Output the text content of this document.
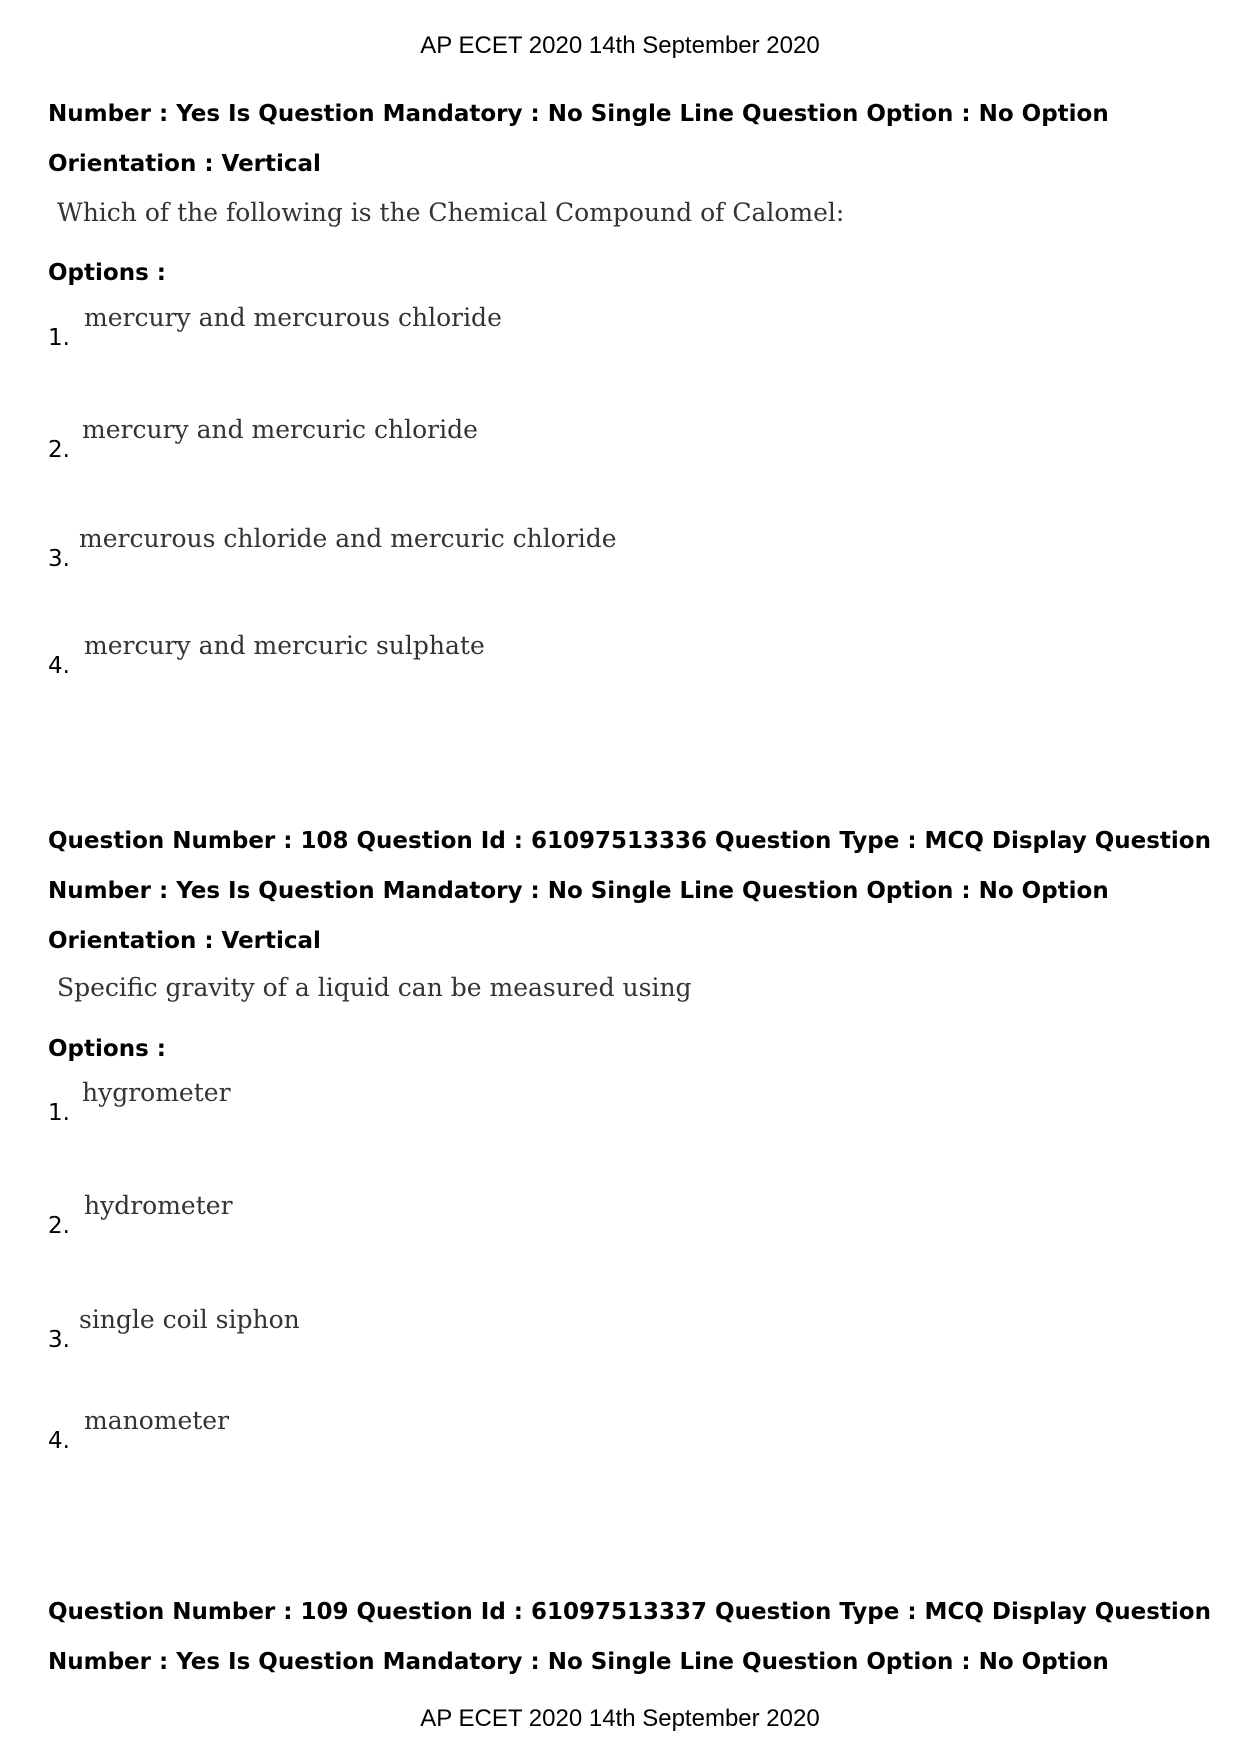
AP ECET 2020 14th September 2020
Number : Yes Is Question Mandatory : No Single Line Question Option : No Option
Orientation : Vertical
Which of the following is the Chemical Compound of Calomel:
Options :
1.
mercury and mercurous chloride
2.
mercury and mercuric chloride
3.
mercurous chloride and mercuric chloride
4.
mercury and mercuric sulphate
Question Number : 108 Question Id : 61097513336 Question Type : MCQ Display Question
Number : Yes Is Question Mandatory : No Single Line Question Option : No Option
Orientation : Vertical
Specific gravity of a liquid can be measured using
Options :
1.
hygrometer
2.
hydrometer
3.
single coil siphon
4.
manometer
Question Number : 109 Question Id : 61097513337 Question Type : MCQ Display Question
Number : Yes Is Question Mandatory : No Single Line Question Option : No Option
AP ECET 2020 14th September 2020
